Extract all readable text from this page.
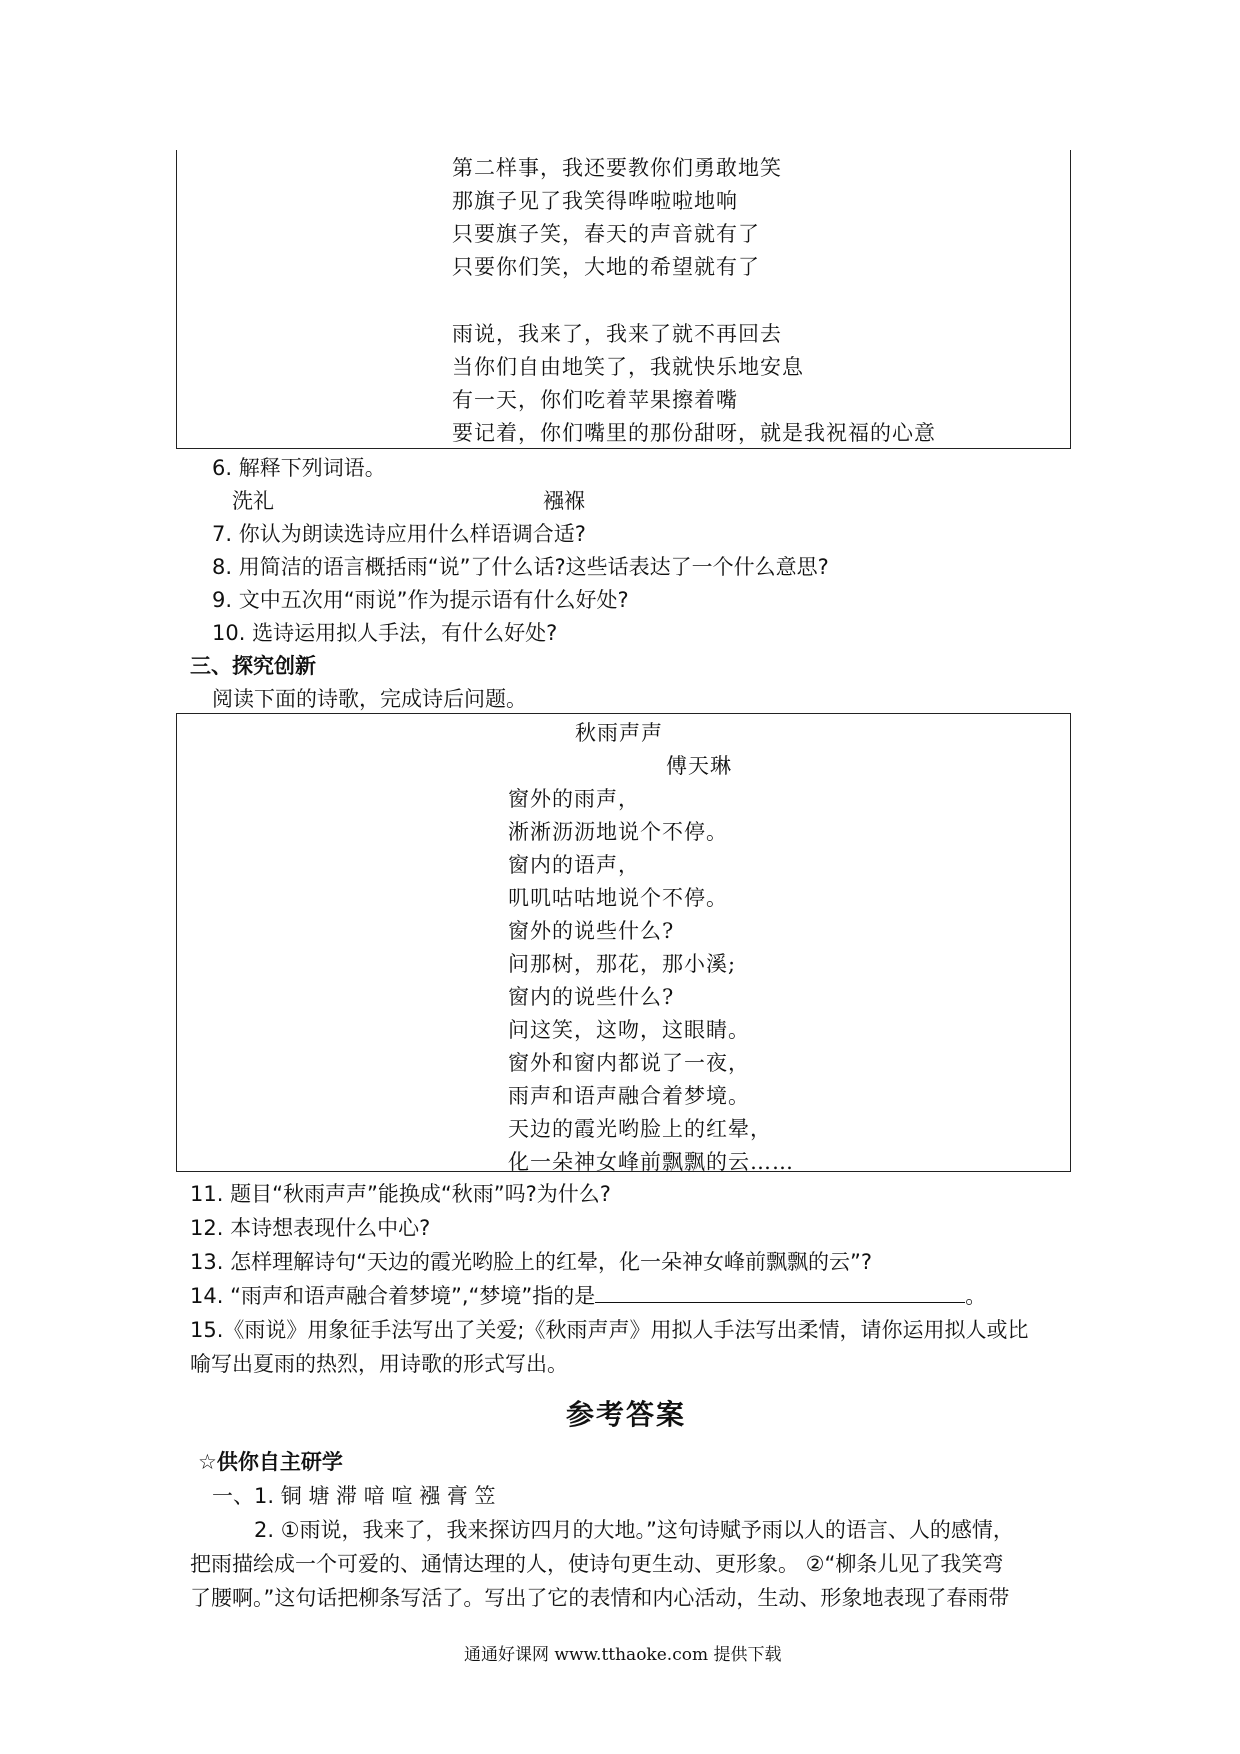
第二样事，我还要教你们勇敢地笑
那旗子见了我笑得哗啦啦地响
只要旗子笑，春天的声音就有了
只要你们笑，大地的希望就有了
雨说，我来了，我来了就不再回去
当你们自由地笑了，我就快乐地安息
有一天，你们吃着苹果擦着嘴
要记着，你们嘴里的那份甜呀，就是我祝福的心意
6. 解释下列词语。
洗礼	襁褓
7. 你认为朗读选诗应用什么样语调合适?
8. 用简洁的语言概括雨“说”了什么话?这些话表达了一个什么意思?
9. 文中五次用“雨说”作为提示语有什么好处?
10. 选诗运用拟人手法，有什么好处?
三、探究创新
阅读下面的诗歌，完成诗后问题。
秋雨声声
傅天琳
窗外的雨声，
淅淅沥沥地说个不停。
窗内的语声，
叽叽咕咕地说个不停。
窗外的说些什么?
问那树，那花，那小溪;
窗内的说些什么?
问这笑，这吻，这眼睛。
窗外和窗内都说了一夜，
雨声和语声融合着梦境。
天边的霞光哟脸上的红晕，
化一朵神女峰前飘飘的云……
11. 题目“秋雨声声”能换成“秋雨”吗?为什么?
12. 本诗想表现什么中心?
13. 怎样理解诗句“天边的霞光哟脸上的红晕，化一朵神女峰前飘飘的云”?
14. “雨声和语声融合着梦境”,“梦境”指的是	。
15.《雨说》用象征手法写出了关爱;《秋雨声声》用拟人手法写出柔情，请你运用拟人或比
喻写出夏雨的热烈，用诗歌的形式写出。
参考答案
☆供你自主研学
一、1. 铜 塘 滞 喑 喧 襁 膏 笠
2. ①雨说，我来了，我来探访四月的大地。”这句诗赋予雨以人的语言、人的感情，
把雨描绘成一个可爱的、通情达理的人，使诗句更生动、更形象。 ②“柳条儿见了我笑弯
了腰啊。”这句话把柳条写活了。写出了它的表情和内心活动，生动、形象地表现了春雨带
通通好课网 www.tthaoke.com 提供下载
